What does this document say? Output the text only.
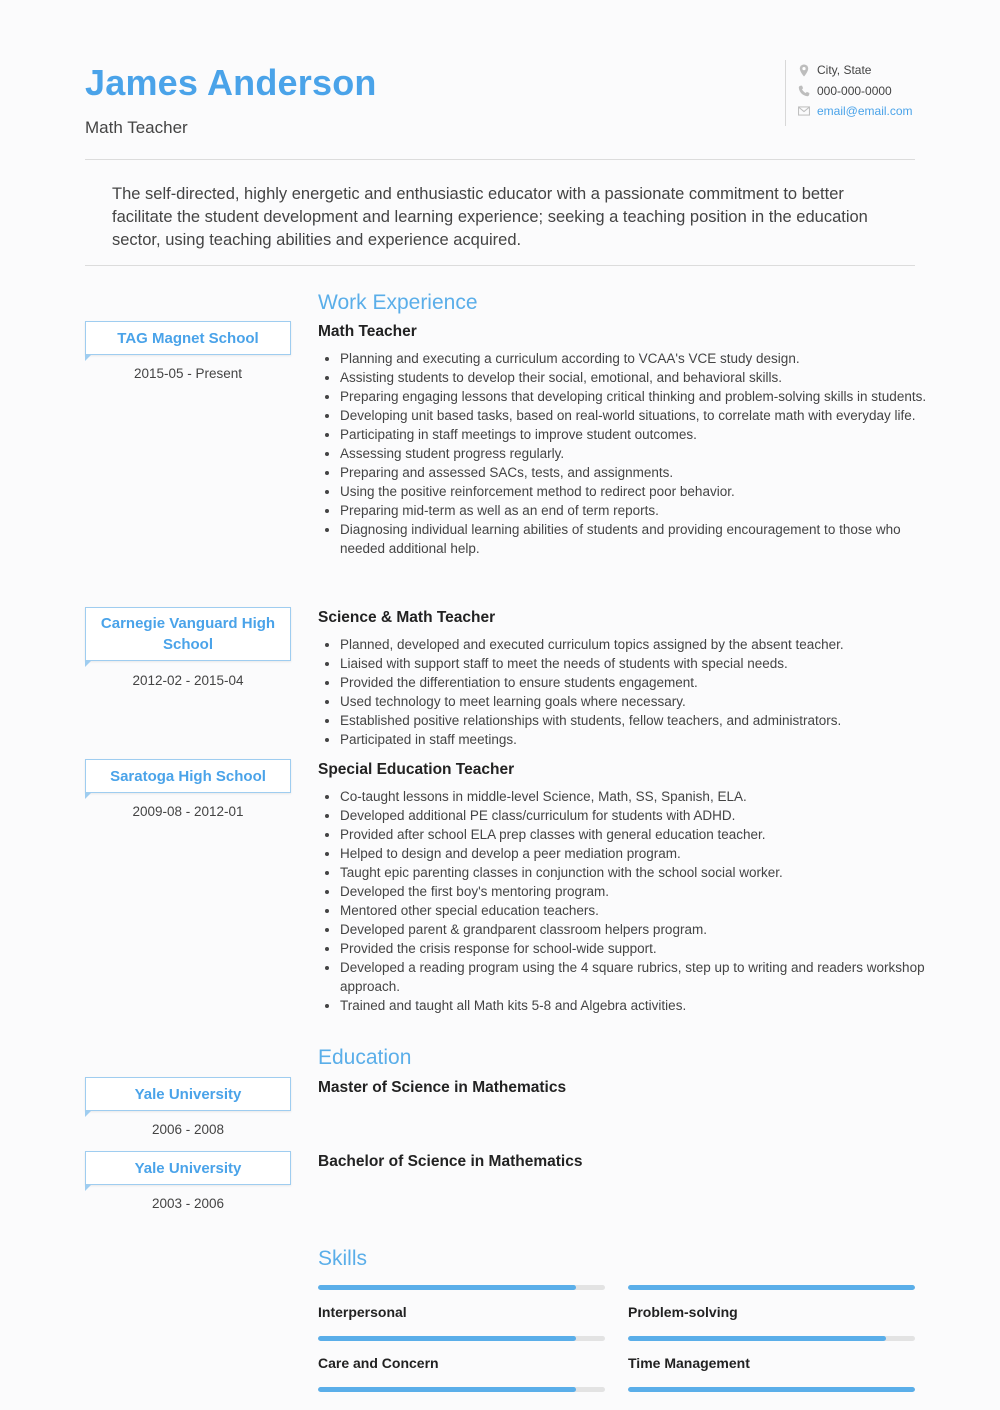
James Anderson
Math Teacher
City, State
000-000-0000
email@email.com

The self-directed, highly energetic and enthusiastic educator with a passionate commitment to better facilitate the student development and learning experience; seeking a teaching position in the education sector, using teaching abilities and experience acquired.

Work Experience
TAG Magnet School
2015-05 - Present
Math Teacher
• Planning and executing a curriculum according to VCAA's VCE study design.
• Assisting students to develop their social, emotional, and behavioral skills.
• Preparing engaging lessons that developing critical thinking and problem-solving skills in students.
• Developing unit based tasks, based on real-world situations, to correlate math with everyday life.
• Participating in staff meetings to improve student outcomes.
• Assessing student progress regularly.
• Preparing and assessed SACs, tests, and assignments.
• Using the positive reinforcement method to redirect poor behavior.
• Preparing mid-term as well as an end of term reports.
• Diagnosing individual learning abilities of students and providing encouragement to those who needed additional help.
Carnegie Vanguard High School
2012-02 - 2015-04
Science & Math Teacher
• Planned, developed and executed curriculum topics assigned by the absent teacher.
• Liaised with support staff to meet the needs of students with special needs.
• Provided the differentiation to ensure students engagement.
• Used technology to meet learning goals where necessary.
• Established positive relationships with students, fellow teachers, and administrators.
• Participated in staff meetings.
Saratoga High School
2009-08 - 2012-01
Special Education Teacher
• Co-taught lessons in middle-level Science, Math, SS, Spanish, ELA.
• Developed additional PE class/curriculum for students with ADHD.
• Provided after school ELA prep classes with general education teacher.
• Helped to design and develop a peer mediation program.
• Taught epic parenting classes in conjunction with the school social worker.
• Developed the first boy's mentoring program.
• Mentored other special education teachers.
• Developed parent & grandparent classroom helpers program.
• Provided the crisis response for school-wide support.
• Developed a reading program using the 4 square rubrics, step up to writing and readers workshop approach.
• Trained and taught all Math kits 5-8 and Algebra activities.
Education
Yale University
2006 - 2008
Master of Science in Mathematics
Yale University
2003 - 2006
Bachelor of Science in Mathematics
Skills
Interpersonal	Problem-solving
Care and Concern	Time Management
